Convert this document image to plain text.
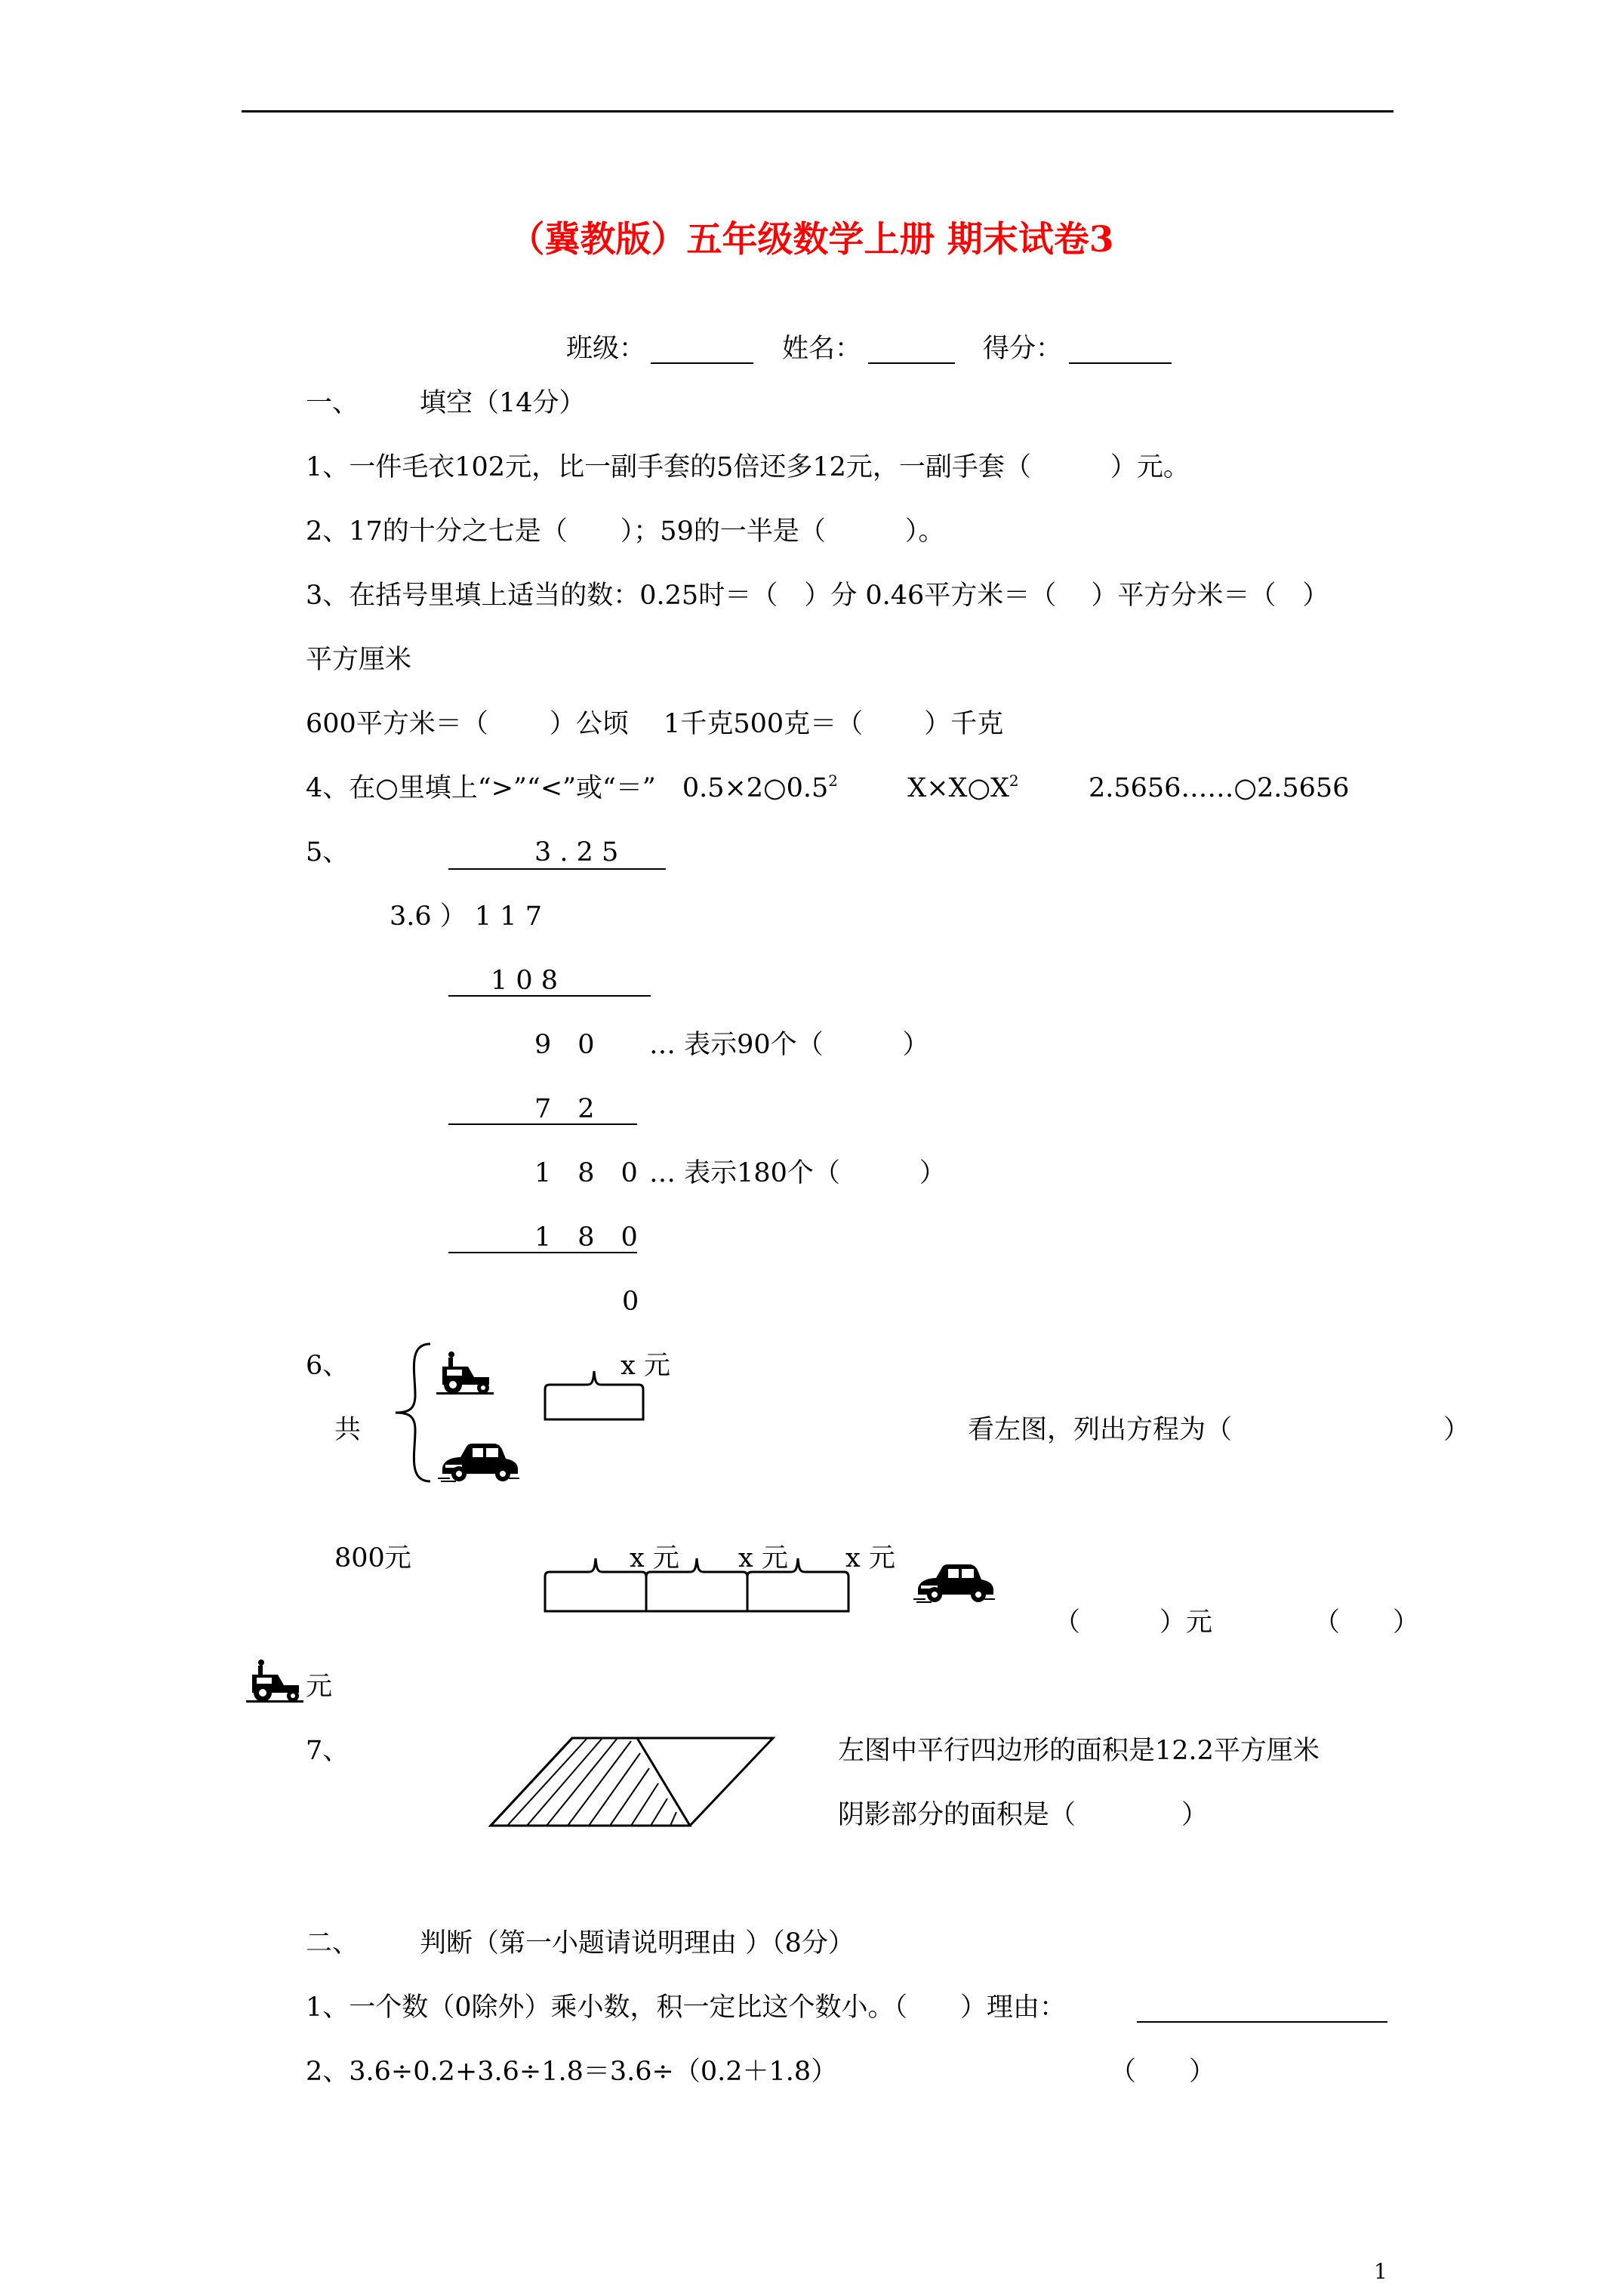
（冀教版）五年级数学上册 期末试卷3
班级：	姓名：	得分：
一、 填空（14分）
1、一件毛衣102元，比一副手套的5倍还多12元，一副手套（　　　）元。
2、17的十分之七是（　　）；59的一半是（　　　）。
3、在括号里填上适当的数：0.25时＝（　）分 0.46平方米＝（　 ）平方分米＝（　）
平方厘米
600平方米＝（　　 ）公顷　 1千克500克＝（　　 ）千克
4、在○里填上“>”“<”或“＝”　$0.5\times 2○0.5^2$	$X\times X○X^2$	2.5656……○2.5656
5、	3 . 2 5
3.6 ） 1 1 7
1 0 8
9　0 … 表示90个（　　　）
7　2
1　8　0 … 表示180个（　　　）
1　8　0
0
6、
共
800元
x 元
看左图，列出方程为（　　　　　　　　）
x 元 x 元 x 元
（　　　）元	（　　）
元
7、	左图中平行四边形的面积是12.2平方厘米
阴影部分的面积是（　　　　）
二、 判断（第一小题请说明理由 ）（8分）
1、一个数（0除外）乘小数，积一定比这个数小。（　　）理由：
2、3.6÷0.2+3.6÷1.8＝3.6÷（0.2＋1.8）	（　　）
1
